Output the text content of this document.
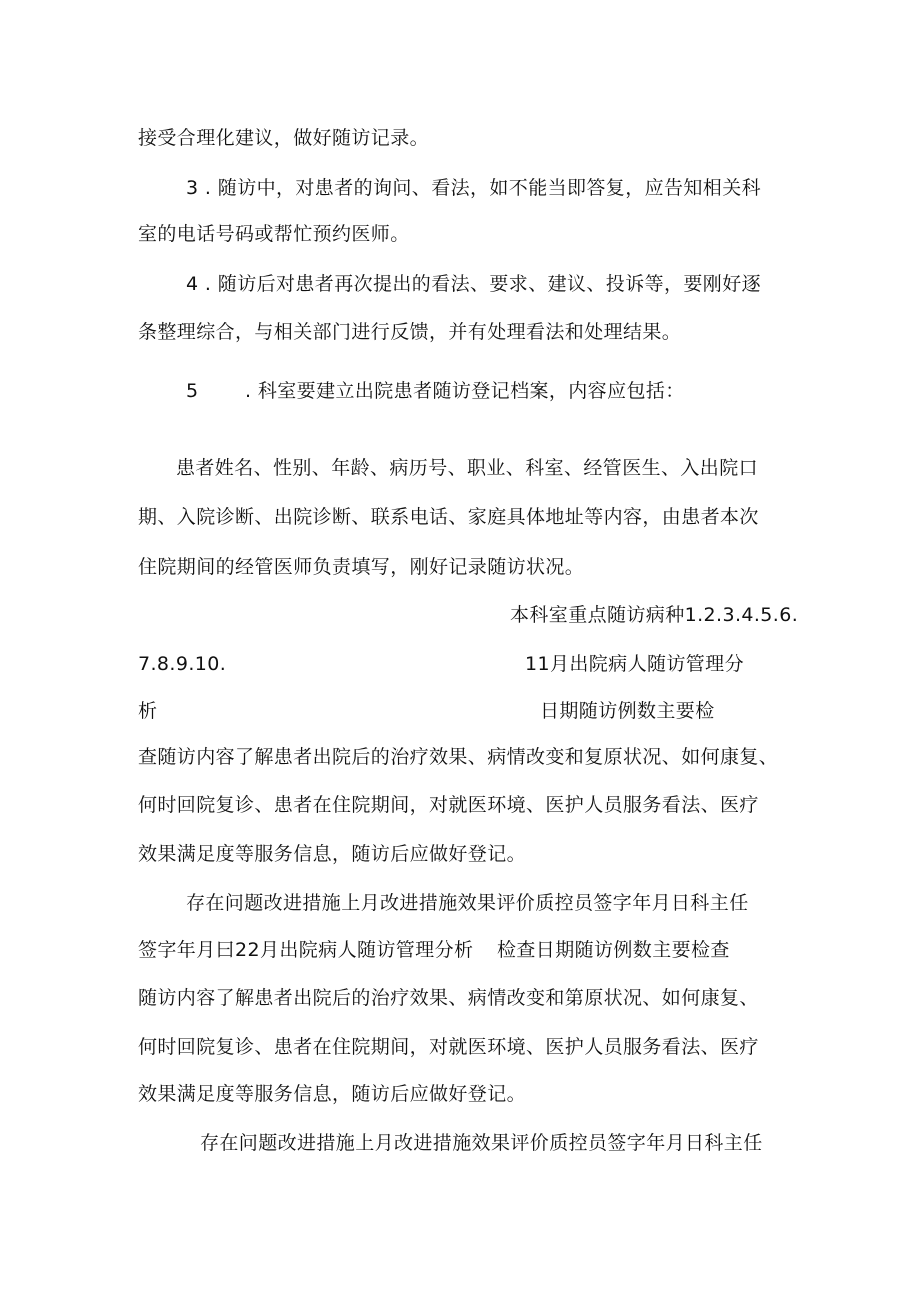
接受合理化建议，做好随访记录。
3 . 随访中，对患者的询问、看法，如不能当即答复，应告知相关科
室的电话号码或帮忙预约医师。
4 . 随访后对患者再次提出的看法、要求、建议、投诉等，要刚好逐
条整理综合，与相关部门进行反馈，并有处理看法和处理结果。
5 . 科室要建立出院患者随访登记档案，内容应包括：
患者姓名、性别、年龄、病历号、职业、科室、经管医生、入出院口
期、入院诊断、出院诊断、联系电话、家庭具体地址等内容，由患者本次
住院期间的经管医师负责填写，刚好记录随访状况。
本科室重点随访病种1.2.3.4.5.6.
7.8.9.10.	11月出院病人随访管理分
析	日期随访例数主要检
查随访内容了解患者出院后的治疗效果、病情改变和复原状况、如何康复、
何时回院复诊、患者在住院期间，对就医环境、医护人员服务看法、医疗
效果满足度等服务信息，随访后应做好登记。
存在问题改进措施上月改进措施效果评价质控员签字年月日科主任
签字年月曰22月出院病人随访管理分析 检查日期随访例数主要检查
随访内容了解患者出院后的治疗效果、病情改变和第原状况、如何康复、
何时回院复诊、患者在住院期间，对就医环境、医护人员服务看法、医疗
效果满足度等服务信息，随访后应做好登记。
存在问题改进措施上月改进措施效果评价质控员签字年月日科主任
